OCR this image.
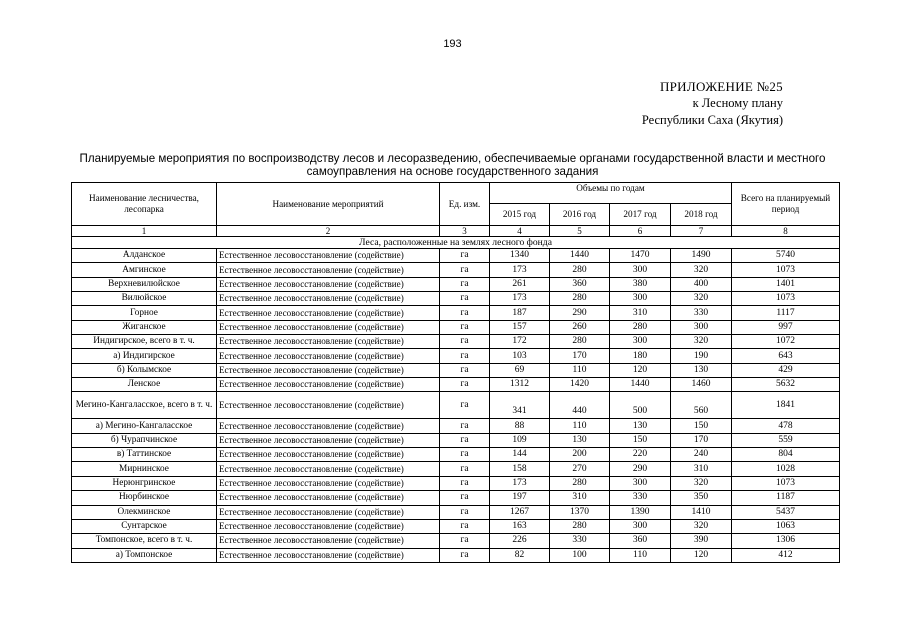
193
ПРИЛОЖЕНИЕ №25
к Лесному плану
Республики Саха (Якутия)
Планируемые мероприятия по воспроизводству лесов и лесоразведению, обеспечиваемые органами государственной власти и местного самоуправления на основе государственного задания
Наименование лесничества, лесопарка	Наименование мероприятий	Ед. изм.	Объемы по годам				Всего на планируемый период
			2015 год	2016 год	2017 год	2018 год	
1	2	3	4	5	6	7	8
Леса, расположенные на землях лесного фонда							
Алданское	Естественное лесовосстановление (содействие)	га	1340	1440	1470	1490	5740
Амгинское	Естественное лесовосстановление (содействие)	га	173	280	300	320	1073
Верхневилюйское	Естественное лесовосстановление (содействие)	га	261	360	380	400	1401
Вилюйское	Естественное лесовосстановление (содействие)	га	173	280	300	320	1073
Горное	Естественное лесовосстановление (содействие)	га	187	290	310	330	1117
Жиганское	Естественное лесовосстановление (содействие)	га	157	260	280	300	997
Индигирское, всего в т. ч.	Естественное лесовосстановление (содействие)	га	172	280	300	320	1072
а) Индигирское	Естественное лесовосстановление (содействие)	га	103	170	180	190	643
б) Колымское	Естественное лесовосстановление (содействие)	га	69	110	120	130	429
Ленское	Естественное лесовосстановление (содействие)	га	1312	1420	1440	1460	5632
Мегино-Кангаласское, всего в т. ч.	Естественное лесовосстановление (содействие)	га	341	440	500	560	1841
а) Мегино-Кангаласское	Естественное лесовосстановление (содействие)	га	88	110	130	150	478
б) Чурапчинское	Естественное лесовосстановление (содействие)	га	109	130	150	170	559
в) Таттинское	Естественное лесовосстановление (содействие)	га	144	200	220	240	804
Мирнинское	Естественное лесовосстановление (содействие)	га	158	270	290	310	1028
Нерюнгринское	Естественное лесовосстановление (содействие)	га	173	280	300	320	1073
Нюрбинское	Естественное лесовосстановление (содействие)	га	197	310	330	350	1187
Олекминское	Естественное лесовосстановление (содействие)	га	1267	1370	1390	1410	5437
Сунтарское	Естественное лесовосстановление (содействие)	га	163	280	300	320	1063
Томпонское, всего в т. ч.	Естественное лесовосстановление (содействие)	га	226	330	360	390	1306
а) Томпонское	Естественное лесовосстановление (содействие)	га	82	100	110	120	412
